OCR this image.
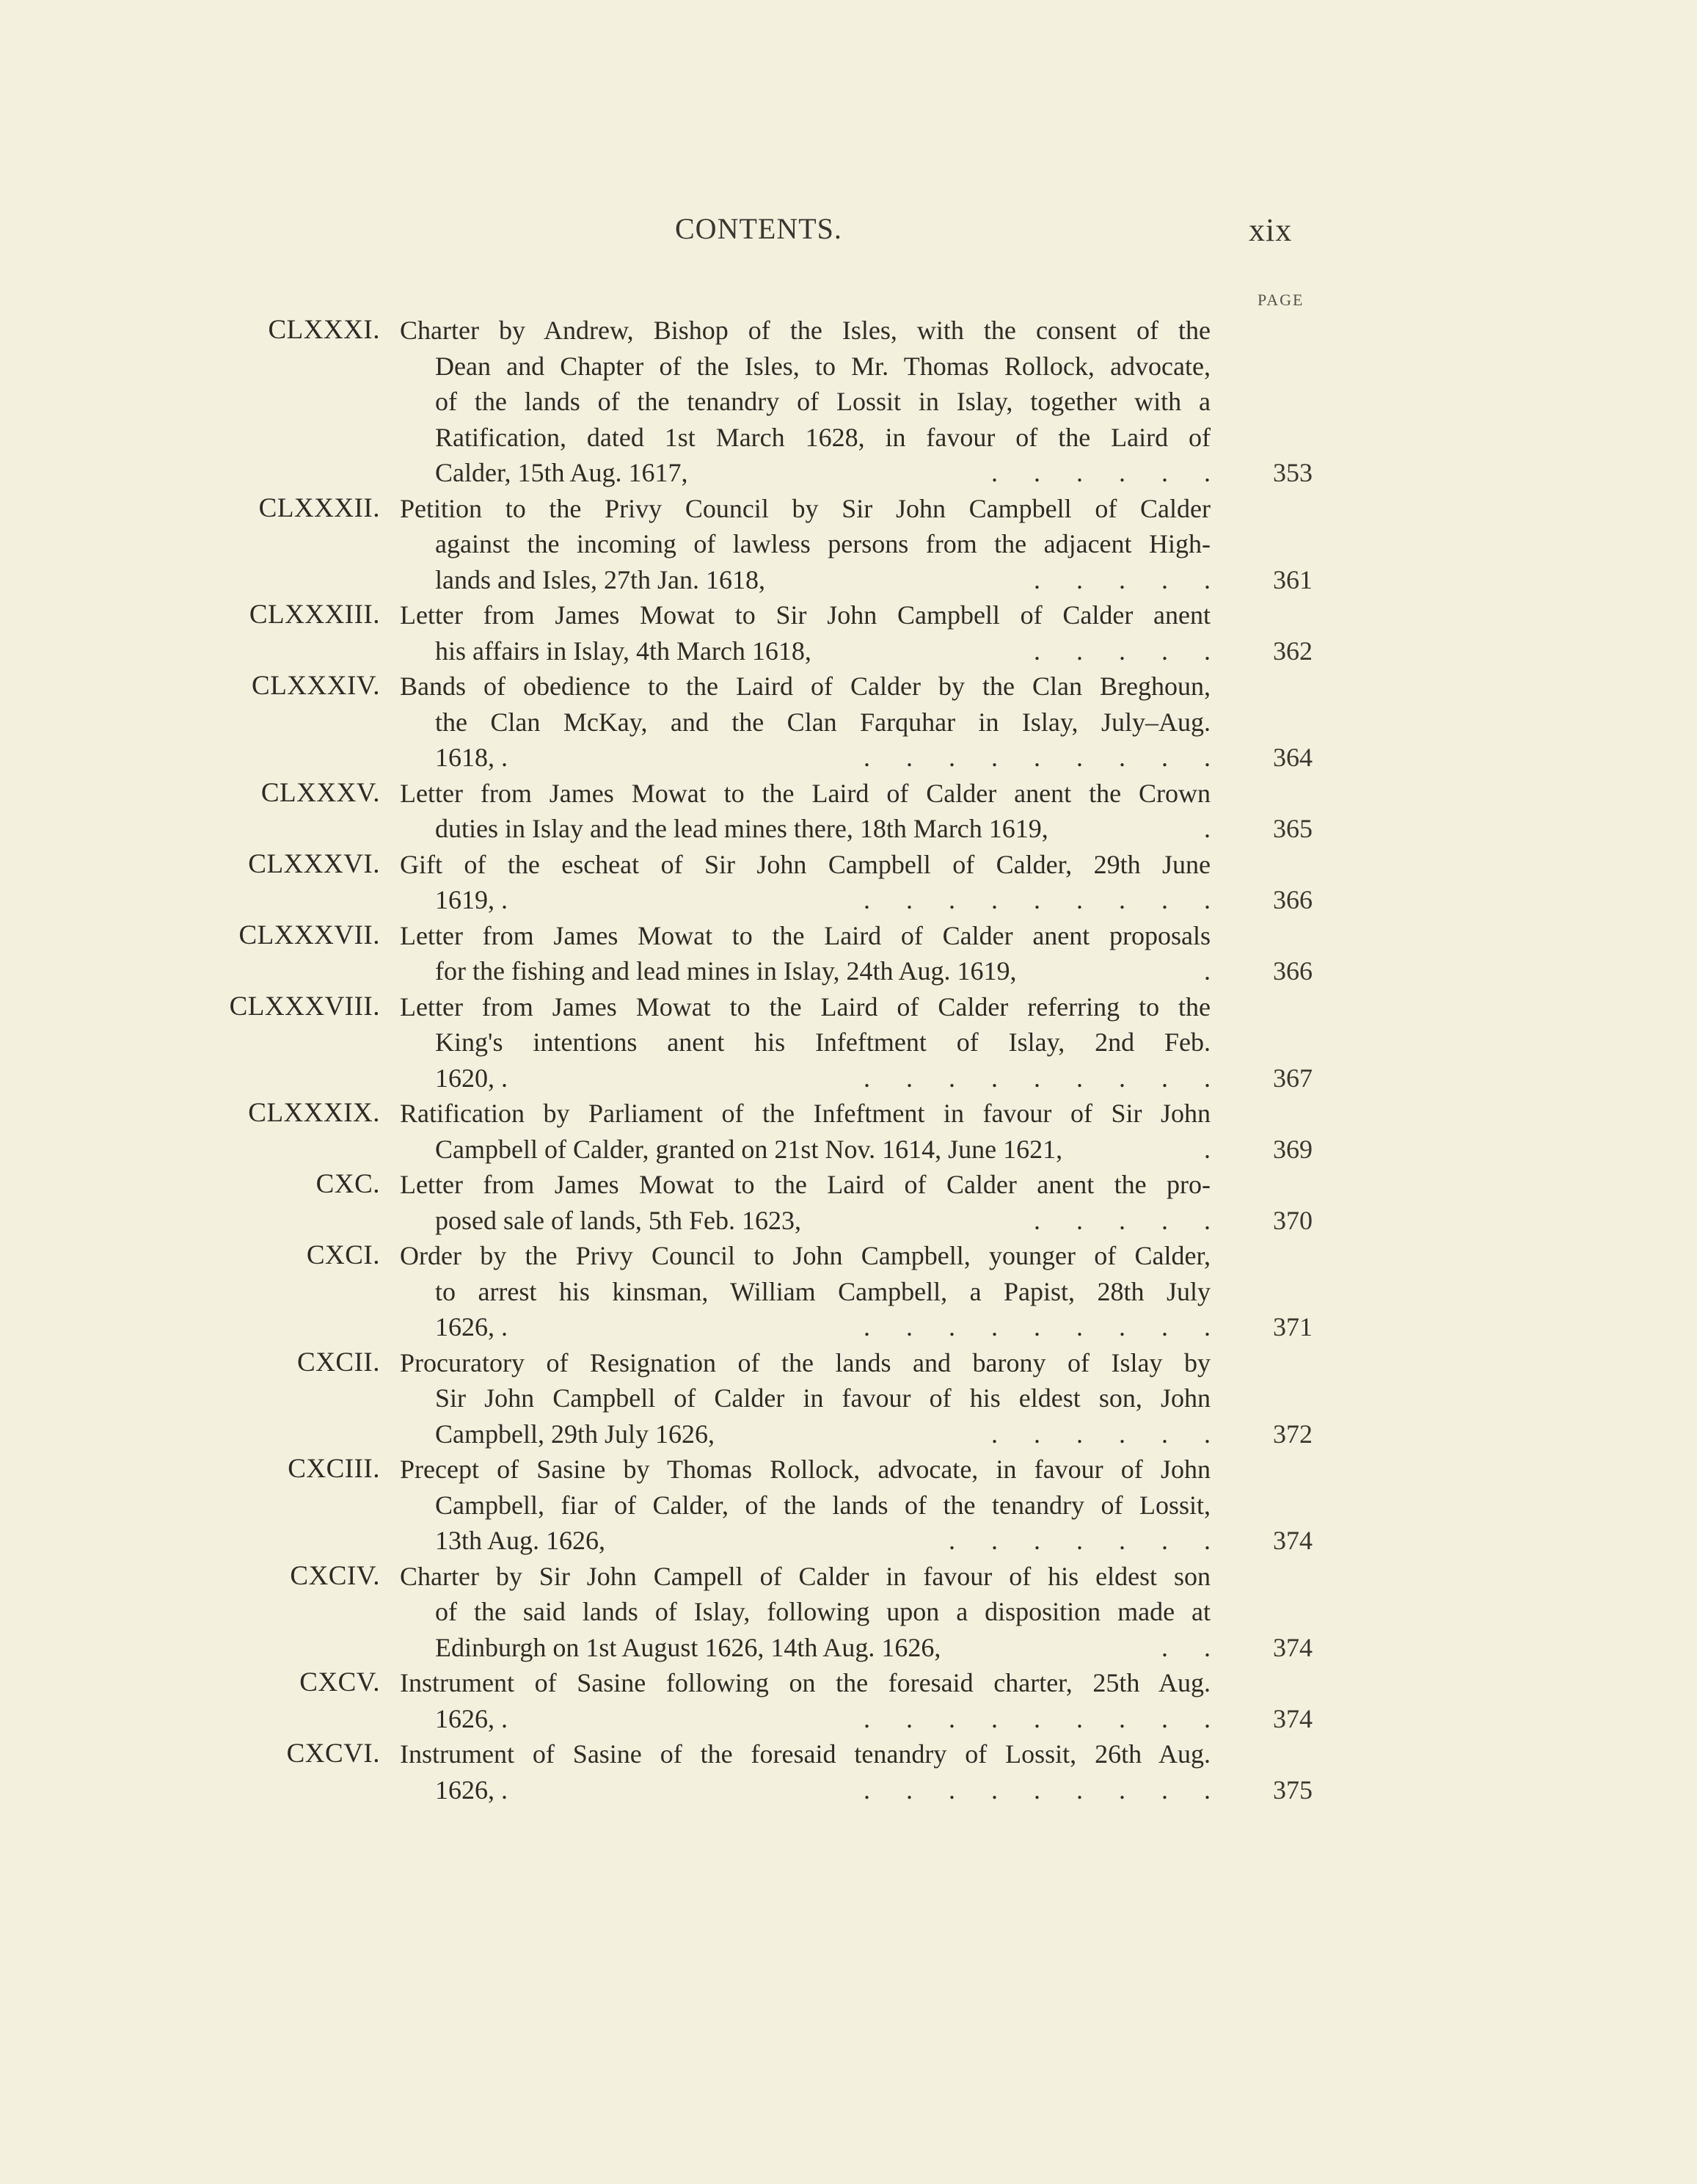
CONTENTS.	xix
PAGE
CLXXXI. Charter by Andrew, Bishop of the Isles, with the consent of the
Dean and Chapter of the Isles, to Mr. Thomas Rollock, advocate,
of the lands of the tenandry of Lossit in Islay, together with a
Ratification, dated 1st March 1628, in favour of the Laird of
Calder, 15th Aug. 1617,	. . . . . . 353
CLXXXII. Petition to the Privy Council by Sir John Campbell of Calder
against the incoming of lawless persons from the adjacent High-
lands and Isles, 27th Jan. 1618,	. . . . . 361
CLXXXIII. Letter from James Mowat to Sir John Campbell of Calder anent
his affairs in Islay, 4th March 1618,	. . . . . 362
CLXXXIV. Bands of obedience to the Laird of Calder by the Clan Breghoun,
the Clan McKay, and the Clan Farquhar in Islay, July–Aug.
1618, .	. . . . . . . . . 364
CLXXXV. Letter from James Mowat to the Laird of Calder anent the Crown
duties in Islay and the lead mines there, 18th March 1619,	. 365
CLXXXVI. Gift of the escheat of Sir John Campbell of Calder, 29th June
1619, .	. . . . . . . . . 366
CLXXXVII. Letter from James Mowat to the Laird of Calder anent proposals
for the fishing and lead mines in Islay, 24th Aug. 1619,	. 366
CLXXXVIII. Letter from James Mowat to the Laird of Calder referring to the
King's intentions anent his Infeftment of Islay, 2nd Feb.
1620, .	. . . . . . . . . 367
CLXXXIX. Ratification by Parliament of the Infeftment in favour of Sir John
Campbell of Calder, granted on 21st Nov. 1614, June 1621,	. 369
CXC. Letter from James Mowat to the Laird of Calder anent the pro-
posed sale of lands, 5th Feb. 1623,	. . . . . 370
CXCI. Order by the Privy Council to John Campbell, younger of Calder,
to arrest his kinsman, William Campbell, a Papist, 28th July
1626, .	. . . . . . . . . 371
CXCII. Procuratory of Resignation of the lands and barony of Islay by
Sir John Campbell of Calder in favour of his eldest son, John
Campbell, 29th July 1626,	. . . . . . 372
CXCIII. Precept of Sasine by Thomas Rollock, advocate, in favour of John
Campbell, fiar of Calder, of the lands of the tenandry of Lossit,
13th Aug. 1626,	. . . . . . . 374
CXCIV. Charter by Sir John Campell of Calder in favour of his eldest son
of the said lands of Islay, following upon a disposition made at
Edinburgh on 1st August 1626, 14th Aug. 1626,	. . 374
CXCV. Instrument of Sasine following on the foresaid charter, 25th Aug.
1626, .	. . . . . . . . . 374
CXCVI. Instrument of Sasine of the foresaid tenandry of Lossit, 26th Aug.
1626, .	. . . . . . . . . 375
